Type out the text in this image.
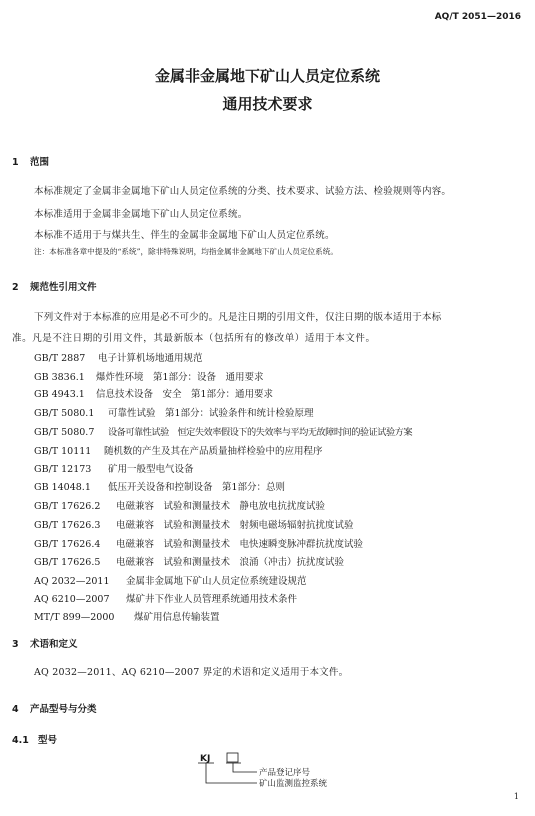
AQ/T 2051—2016
金属非金属地下矿山人员定位系统
通用技术要求
1 范围
本标准规定了金属非金属地下矿山人员定位系统的分类、技术要求、试验方法、检验规则等内容。
本标准适用于金属非金属地下矿山人员定位系统。
本标准不适用于与煤共生、伴生的金属非金属地下矿山人员定位系统。
注：本标准各章中提及的“系统”，除非特殊说明，均指金属非金属地下矿山人员定位系统。
2 规范性引用文件
下列文件对于本标准的应用是必不可少的。凡是注日期的引用文件，仅注日期的版本适用于本标
准。凡是不注日期的引用文件，其最新版本（包括所有的修改单）适用于本文件。
GB/T 2887 电子计算机场地通用规范
GB 3836.1 爆炸性环境　第1部分：设备　通用要求
GB 4943.1 信息技术设备　安全　第1部分：通用要求
GB/T 5080.1 可靠性试验　第1部分：试验条件和统计检验原理
GB/T 5080.7 设备可靠性试验　恒定失效率假设下的失效率与平均无故障时间的验证试验方案
GB/T 10111 随机数的产生及其在产品质量抽样检验中的应用程序
GB/T 12173 矿用一般型电气设备
GB 14048.1 低压开关设备和控制设备　第1部分：总则
GB/T 17626.2 电磁兼容　试验和测量技术　静电放电抗扰度试验
GB/T 17626.3 电磁兼容　试验和测量技术　射频电磁场辐射抗扰度试验
GB/T 17626.4 电磁兼容　试验和测量技术　电快速瞬变脉冲群抗扰度试验
GB/T 17626.5 电磁兼容　试验和测量技术　浪涌（冲击）抗扰度试验
AQ 2032—2011 金属非金属地下矿山人员定位系统建设规范
AQ 6210—2007 煤矿井下作业人员管理系统通用技术条件
MT/T 899—2000 煤矿用信息传输装置
3 术语和定义
AQ 2032—2011、AQ 6210—2007 界定的术语和定义适用于本文件。
4 产品型号与分类
4.1 型号
KJ
产品登记序号
矿山监测监控系统
1
